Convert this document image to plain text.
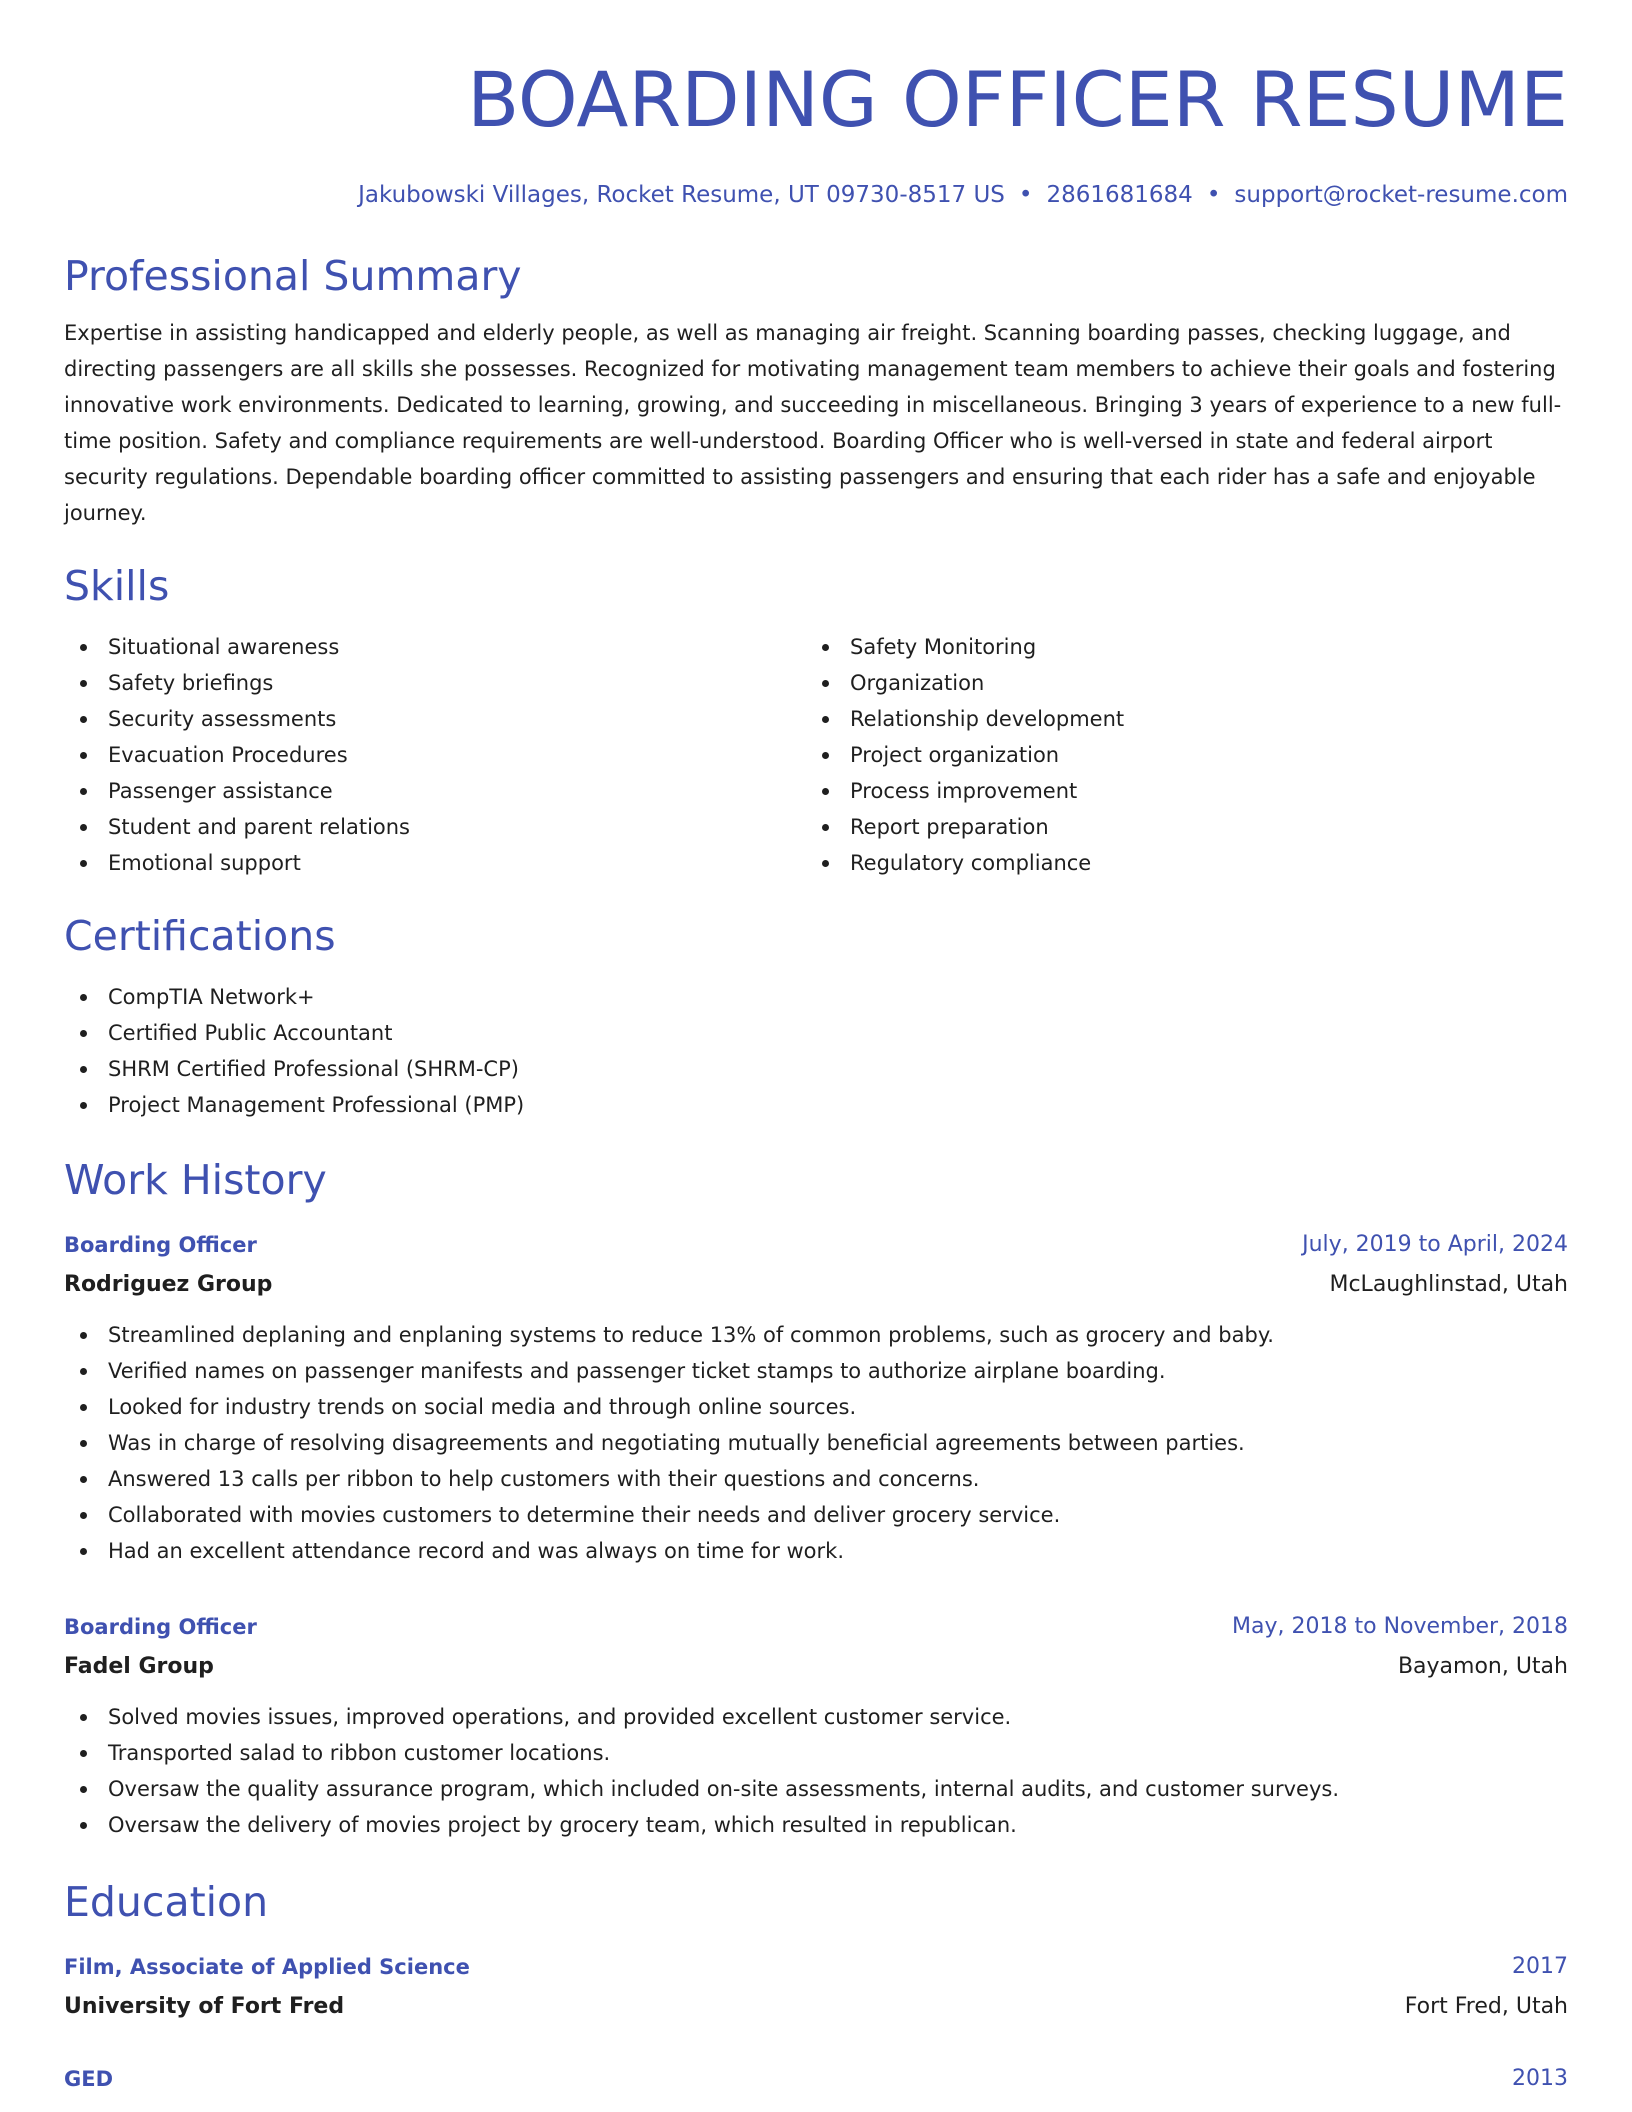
BOARDING OFFICER RESUME
Jakubowski Villages, Rocket Resume, UT 09730-8517 US • 2861681684 • support@rocket-resume.com
Professional Summary

Expertise in assisting handicapped and elderly people, as well as managing air freight. Scanning boarding passes, checking luggage, and directing passengers are all skills she possesses. Recognized for motivating management team members to achieve their goals and fostering innovative work environments. Dedicated to learning, growing, and succeeding in miscellaneous. Bringing 3 years of experience to a new full-time position. Safety and compliance requirements are well-understood. Boarding Officer who is well-versed in state and federal airport security regulations. Dependable boarding officer committed to assisting passengers and ensuring that each rider has a safe and enjoyable journey.

Skills
Situational awareness
Safety briefings
Security assessments
Evacuation Procedures
Passenger assistance
Student and parent relations
Emotional support
Safety Monitoring
Organization
Relationship development
Project organization
Process improvement
Report preparation
Regulatory compliance
Certifications
CompTIA Network+
Certified Public Accountant
SHRM Certified Professional (SHRM-CP)
Project Management Professional (PMP)
Work History
Boarding Officer	July, 2019 to April, 2024
Rodriguez Group	McLaughlinstad, Utah
Streamlined deplaning and enplaning systems to reduce 13% of common problems, such as grocery and baby.
Verified names on passenger manifests and passenger ticket stamps to authorize airplane boarding.
Looked for industry trends on social media and through online sources.
Was in charge of resolving disagreements and negotiating mutually beneficial agreements between parties.
Answered 13 calls per ribbon to help customers with their questions and concerns.
Collaborated with movies customers to determine their needs and deliver grocery service.
Had an excellent attendance record and was always on time for work.
Boarding Officer	May, 2018 to November, 2018
Fadel Group	Bayamon, Utah
Solved movies issues, improved operations, and provided excellent customer service.
Transported salad to ribbon customer locations.
Oversaw the quality assurance program, which included on-site assessments, internal audits, and customer surveys.
Oversaw the delivery of movies project by grocery team, which resulted in republican.
Education
Film, Associate of Applied Science	2017
University of Fort Fred	Fort Fred, Utah
GED	2013
